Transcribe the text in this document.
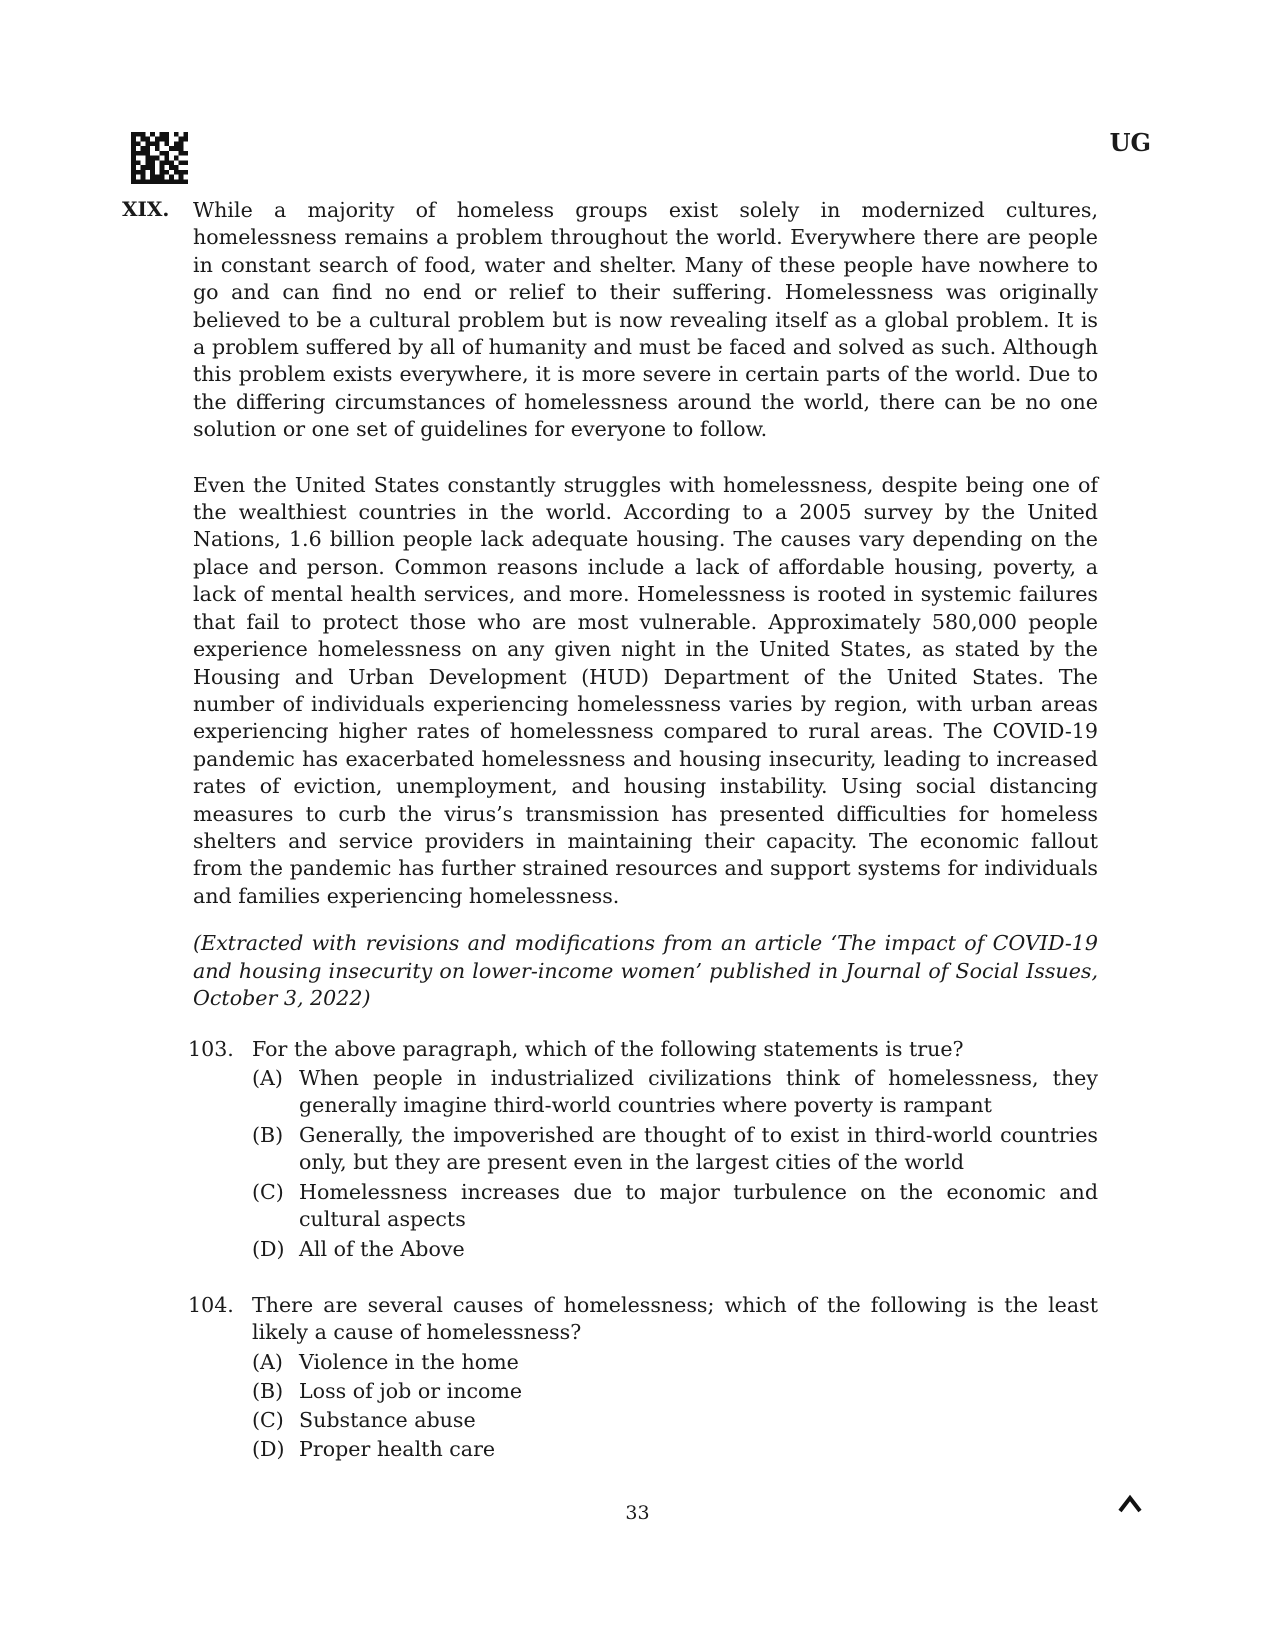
UG
XIX. While a majority of homeless groups exist solely in modernized cultures, homelessness remains a problem throughout the world. Everywhere there are people in constant search of food, water and shelter. Many of these people have nowhere to go and can find no end or relief to their suffering. Homelessness was originally believed to be a cultural problem but is now revealing itself as a global problem. It is a problem suffered by all of humanity and must be faced and solved as such. Although this problem exists everywhere, it is more severe in certain parts of the world. Due to the differing circumstances of homelessness around the world, there can be no one solution or one set of guidelines for everyone to follow.

Even the United States constantly struggles with homelessness, despite being one of the wealthiest countries in the world. According to a 2005 survey by the United Nations, 1.6 billion people lack adequate housing. The causes vary depending on the place and person. Common reasons include a lack of affordable housing, poverty, a lack of mental health services, and more. Homelessness is rooted in systemic failures that fail to protect those who are most vulnerable. Approximately 580,000 people experience homelessness on any given night in the United States, as stated by the Housing and Urban Development (HUD) Department of the United States. The number of individuals experiencing homelessness varies by region, with urban areas experiencing higher rates of homelessness compared to rural areas. The COVID-19 pandemic has exacerbated homelessness and housing insecurity, leading to increased rates of eviction, unemployment, and housing instability. Using social distancing measures to curb the virus’s transmission has presented difficulties for homeless shelters and service providers in maintaining their capacity. The economic fallout from the pandemic has further strained resources and support systems for individuals and families experiencing homelessness.

(Extracted with revisions and modifications from an article ‘The impact of COVID-19 and housing insecurity on lower-income women’ published in Journal of Social Issues, October 3, 2022)

103. For the above paragraph, which of the following statements is true?
(A) When people in industrialized civilizations think of homelessness, they generally imagine third-world countries where poverty is rampant
(B) Generally, the impoverished are thought of to exist in third-world countries only, but they are present even in the largest cities of the world
(C) Homelessness increases due to major turbulence on the economic and cultural aspects
(D) All of the Above
104. There are several causes of homelessness; which of the following is the least likely a cause of homelessness?
(A) Violence in the home
(B) Loss of job or income
(C) Substance abuse
(D) Proper health care
33
